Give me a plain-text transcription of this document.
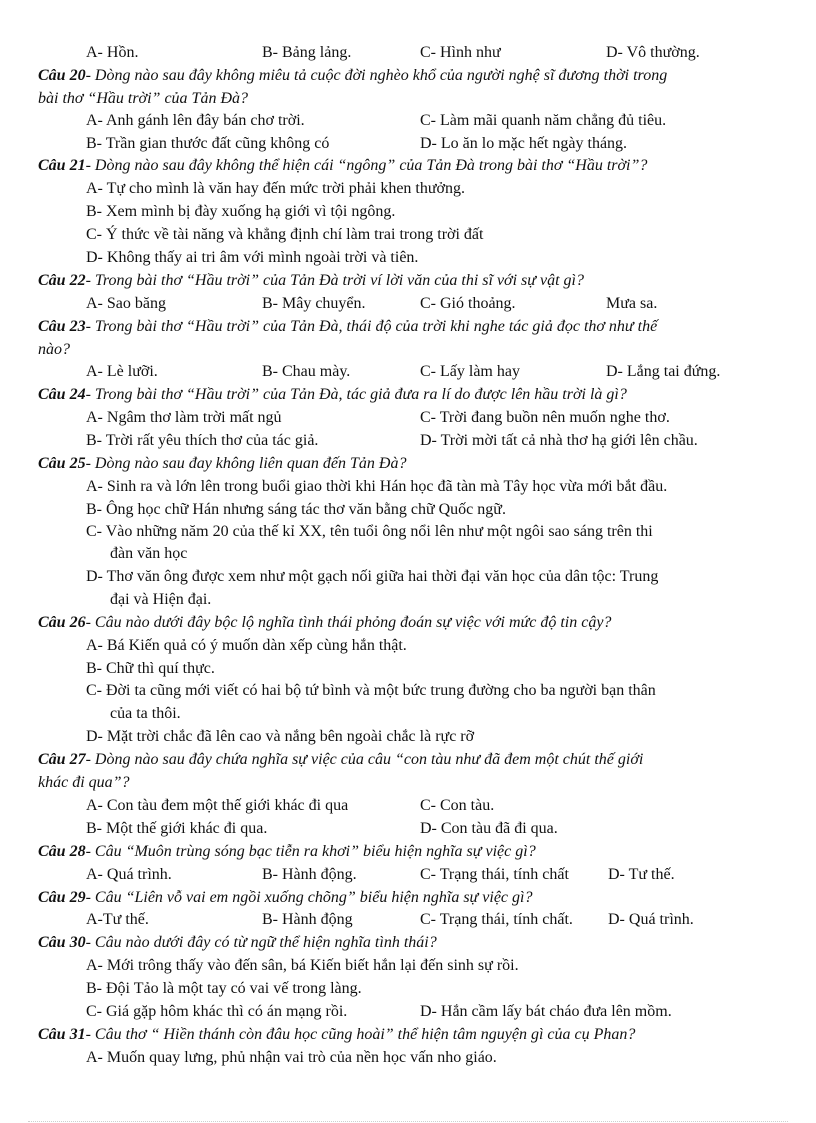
A- Hồn.	B- Bảng lảng.	C- Hình như	D- Vô thường.
Câu 20- Dòng nào sau đây không miêu tả cuộc đời nghèo khổ của người nghệ sĩ đương thời trong
bài thơ “Hầu trời” của Tản Đà?
A- Anh gánh lên đây bán chơ trời.	C- Làm mãi quanh năm chẳng đủ tiêu.
B- Trần gian thước đất cũng không có	D- Lo ăn lo mặc hết ngày tháng.
Câu 21- Dòng nào sau đây không thể hiện cái “ngông” của Tản Đà trong bài thơ “Hầu trời”?
A- Tự cho mình là văn hay đến mức trời phải khen thưởng.
B- Xem mình bị đày xuống hạ giới vì tội ngông.
C- Ý thức về tài năng và khẳng định chí làm trai trong trời đất
D- Không thấy ai tri âm với mình ngoài trời và tiên.
Câu 22- Trong bài thơ “Hầu trời” của Tản Đà trời ví lời văn của thi sĩ với sự vật gì?
A- Sao băng	B- Mây chuyển.	C- Gió thoảng.	Mưa sa.
Câu 23- Trong bài thơ “Hầu trời” của Tản Đà, thái độ của trời khi nghe tác giả đọc thơ như thế
nào?
A- Lè lưỡi.	B- Chau mày.	C- Lấy làm hay	D- Lắng tai đứng.
Câu 24- Trong bài thơ “Hầu trời” của Tản Đà, tác giả đưa ra lí do được lên hầu trời là gì?
A- Ngâm thơ làm trời mất ngủ	C- Trời đang buồn nên muốn nghe thơ.
B- Trời rất yêu thích thơ của tác giả.	D- Trời mời tất cả nhà thơ hạ giới lên chầu.
Câu 25- Dòng nào sau đay không liên quan đến Tản Đà?
A- Sinh ra và lớn lên trong buổi giao thời khi Hán học đã tàn mà Tây học vừa mới bắt đầu.
B- Ông học chữ Hán nhưng sáng tác thơ văn bằng chữ Quốc ngữ.
C- Vào những năm 20 của thế kỉ XX, tên tuổi ông nổi lên như một ngôi sao sáng trên thi
đàn văn học
D- Thơ văn ông được xem như một gạch nối giữa hai thời đại văn học của dân tộc: Trung
đại và Hiện đại.
Câu 26- Câu nào dưới đây bộc lộ nghĩa tình thái phỏng đoán sự việc với mức độ tin cậy?
A- Bá Kiến quả có ý muốn dàn xếp cùng hắn thật.
B- Chữ thì quí thực.
C- Đời ta cũng mới viết có hai bộ tứ bình và một bức trung đường cho ba người bạn thân
của ta thôi.
D- Mặt trời chắc đã lên cao và nắng bên ngoài chắc là rực rỡ
Câu 27- Dòng nào sau đây chứa nghĩa sự việc của câu “con tàu như đã đem một chút thế giới
khác đi qua”?
A- Con tàu đem một thế giới khác đi qua	C- Con tàu.
B- Một thế giới khác đi qua.	D- Con tàu đã đi qua.
Câu 28- Câu “Muôn trùng sóng bạc tiễn ra khơi” biểu hiện nghĩa sự việc gì?
A- Quá trình.	B- Hành động.	C- Trạng thái, tính chất D- Tư thế.
Câu 29- Câu “Liên vỗ vai em ngồi xuống chõng” biểu hiện nghĩa sự việc gì?
A-Tư thế.	B- Hành động	C- Trạng thái, tính chất. D- Quá trình.
Câu 30- Câu nào dưới đây có từ ngữ thể hiện nghĩa tình thái?
A- Mới trông thấy vào đến sân, bá Kiến biết hắn lại đến sinh sự rồi.
B- Đội Tảo là một tay có vai vế trong làng.
C- Giá gặp hôm khác thì có án mạng rồi.	D- Hắn cầm lấy bát cháo đưa lên mồm.
Câu 31- Câu thơ “ Hiền thánh còn đâu học cũng hoài” thể hiện tâm nguyện gì của cụ Phan?
A- Muốn quay lưng, phủ nhận vai trò của nền học vấn nho giáo.
